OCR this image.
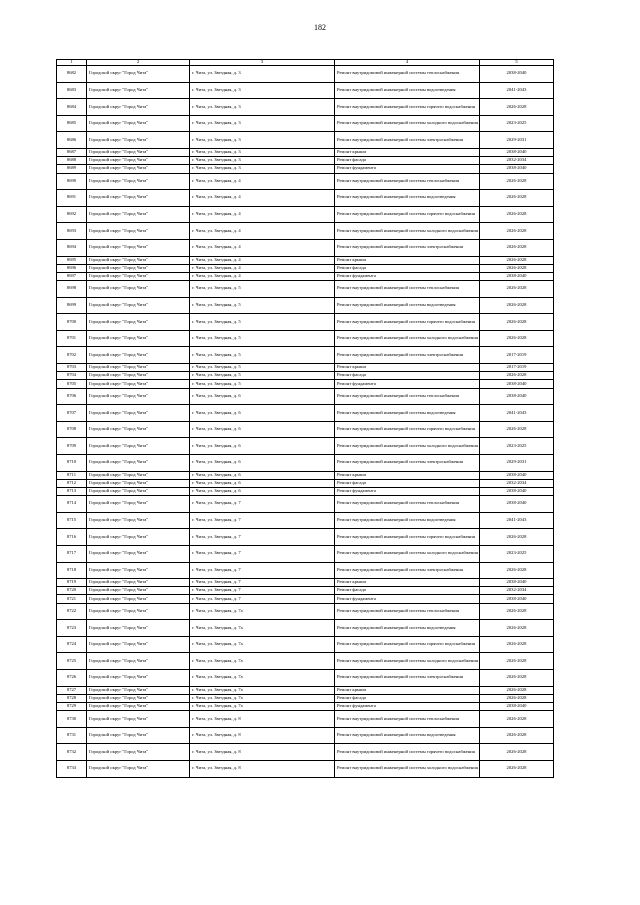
182
1	2	3	4	5
8682	Городской округ "Город Чита"	г. Чита, ул. Звездная, д. 3	Ремонт внутридомовой инженерной системы теплоснабжения	2038-2040
8683	Городской округ "Город Чита"	г. Чита, ул. Звездная, д. 3	Ремонт внутридомовой инженерной системы водоотведения	2041-2043
8684	Городской округ "Город Чита"	г. Чита, ул. Звездная, д. 3	Ремонт внутридомовой инженерной системы горячего водоснабжения	2026-2028
8685	Городской округ "Город Чита"	г. Чита, ул. Звездная, д. 3	Ремонт внутридомовой инженерной системы холодного водоснабжения	2023-2025
8686	Городской округ "Город Чита"	г. Чита, ул. Звездная, д. 3	Ремонт внутридомовой инженерной системы электроснабжения	2029-2031
8687	Городской округ "Город Чита"	г. Чита, ул. Звездная, д. 3	Ремонт крыши	2038-2040
8688	Городской округ "Город Чита"	г. Чита, ул. Звездная, д. 3	Ремонт фасада	2032-2034
8689	Городской округ "Город Чита"	г. Чита, ул. Звездная, д. 3	Ремонт фундамента	2038-2040
8690	Городской округ "Город Чита"	г. Чита, ул. Звездная, д. 4	Ремонт внутридомовой инженерной системы теплоснабжения	2026-2028
8691	Городской округ "Город Чита"	г. Чита, ул. Звездная, д. 4	Ремонт внутридомовой инженерной системы водоотведения	2026-2028
8692	Городской округ "Город Чита"	г. Чита, ул. Звездная, д. 4	Ремонт внутридомовой инженерной системы горячего водоснабжения	2026-2028
8693	Городской округ "Город Чита"	г. Чита, ул. Звездная, д. 4	Ремонт внутридомовой инженерной системы холодного водоснабжения	2026-2028
8694	Городской округ "Город Чита"	г. Чита, ул. Звездная, д. 4	Ремонт внутридомовой инженерной системы электроснабжения	2026-2028
8695	Городской округ "Город Чита"	г. Чита, ул. Звездная, д. 4	Ремонт крыши	2026-2028
8696	Городской округ "Город Чита"	г. Чита, ул. Звездная, д. 4	Ремонт фасада	2026-2028
8697	Городской округ "Город Чита"	г. Чита, ул. Звездная, д. 4	Ремонт фундамента	2038-2040
8698	Городской округ "Город Чита"	г. Чита, ул. Звездная, д. 5	Ремонт внутридомовой инженерной системы теплоснабжения	2026-2028
8699	Городской округ "Город Чита"	г. Чита, ул. Звездная, д. 5	Ремонт внутридомовой инженерной системы водоотведения	2026-2028
8700	Городской округ "Город Чита"	г. Чита, ул. Звездная, д. 5	Ремонт внутридомовой инженерной системы горячего водоснабжения	2026-2028
8701	Городской округ "Город Чита"	г. Чита, ул. Звездная, д. 5	Ремонт внутридомовой инженерной системы холодного водоснабжения	2026-2028
8702	Городской округ "Город Чита"	г. Чита, ул. Звездная, д. 5	Ремонт внутридомовой инженерной системы электроснабжения	2017-2019
8703	Городской округ "Город Чита"	г. Чита, ул. Звездная, д. 5	Ремонт крыши	2017-2019
8704	Городской округ "Город Чита"	г. Чита, ул. Звездная, д. 5	Ремонт фасада	2026-2028
8705	Городской округ "Город Чита"	г. Чита, ул. Звездная, д. 5	Ремонт фундамента	2038-2040
8706	Городской округ "Город Чита"	г. Чита, ул. Звездная, д. 6	Ремонт внутридомовой инженерной системы теплоснабжения	2038-2040
8707	Городской округ "Город Чита"	г. Чита, ул. Звездная, д. 6	Ремонт внутридомовой инженерной системы водоотведения	2041-2043
8708	Городской округ "Город Чита"	г. Чита, ул. Звездная, д. 6	Ремонт внутридомовой инженерной системы горячего водоснабжения	2026-2028
8709	Городской округ "Город Чита"	г. Чита, ул. Звездная, д. 6	Ремонт внутридомовой инженерной системы холодного водоснабжения	2023-2025
8710	Городской округ "Город Чита"	г. Чита, ул. Звездная, д. 6	Ремонт внутридомовой инженерной системы электроснабжения	2029-2031
8711	Городской округ "Город Чита"	г. Чита, ул. Звездная, д. 6	Ремонт крыши	2038-2040
8712	Городской округ "Город Чита"	г. Чита, ул. Звездная, д. 6	Ремонт фасада	2032-2034
8713	Городской округ "Город Чита"	г. Чита, ул. Звездная, д. 6	Ремонт фундамента	2038-2040
8714	Городской округ "Город Чита"	г. Чита, ул. Звездная, д. 7	Ремонт внутридомовой инженерной системы теплоснабжения	2038-2040
8715	Городской округ "Город Чита"	г. Чита, ул. Звездная, д. 7	Ремонт внутридомовой инженерной системы водоотведения	2041-2043
8716	Городской округ "Город Чита"	г. Чита, ул. Звездная, д. 7	Ремонт внутридомовой инженерной системы горячего водоснабжения	2026-2028
8717	Городской округ "Город Чита"	г. Чита, ул. Звездная, д. 7	Ремонт внутридомовой инженерной системы холодного водоснабжения	2023-2025
8718	Городской округ "Город Чита"	г. Чита, ул. Звездная, д. 7	Ремонт внутридомовой инженерной системы электроснабжения	2026-2028
8719	Городской округ "Город Чита"	г. Чита, ул. Звездная, д. 7	Ремонт крыши	2038-2040
8720	Городской округ "Город Чита"	г. Чита, ул. Звездная, д. 7	Ремонт фасада	2032-2034
8721	Городской округ "Город Чита"	г. Чита, ул. Звездная, д. 7	Ремонт фундамента	2038-2040
8722	Городской округ "Город Чита"	г. Чита, ул. Звездная, д. 7а	Ремонт внутридомовой инженерной системы теплоснабжения	2026-2028
8723	Городской округ "Город Чита"	г. Чита, ул. Звездная, д. 7а	Ремонт внутридомовой инженерной системы водоотведения	2026-2028
8724	Городской округ "Город Чита"	г. Чита, ул. Звездная, д. 7а	Ремонт внутридомовой инженерной системы горячего водоснабжения	2026-2028
8725	Городской округ "Город Чита"	г. Чита, ул. Звездная, д. 7а	Ремонт внутридомовой инженерной системы холодного водоснабжения	2026-2028
8726	Городской округ "Город Чита"	г. Чита, ул. Звездная, д. 7а	Ремонт внутридомовой инженерной системы электроснабжения	2026-2028
8727	Городской округ "Город Чита"	г. Чита, ул. Звездная, д. 7а	Ремонт крыши	2026-2028
8728	Городской округ "Город Чита"	г. Чита, ул. Звездная, д. 7а	Ремонт фасада	2026-2028
8729	Городской округ "Город Чита"	г. Чита, ул. Звездная, д. 7а	Ремонт фундамента	2038-2040
8730	Городской округ "Город Чита"	г. Чита, ул. Звездная, д. 8	Ремонт внутридомовой инженерной системы теплоснабжения	2026-2028
8731	Городской округ "Город Чита"	г. Чита, ул. Звездная, д. 8	Ремонт внутридомовой инженерной системы водоотведения	2026-2028
8732	Городской округ "Город Чита"	г. Чита, ул. Звездная, д. 8	Ремонт внутридомовой инженерной системы горячего водоснабжения	2026-2028
8733	Городской округ "Город Чита"	г. Чита, ул. Звездная, д. 8	Ремонт внутридомовой инженерной системы холодного водоснабжения	2026-2028
